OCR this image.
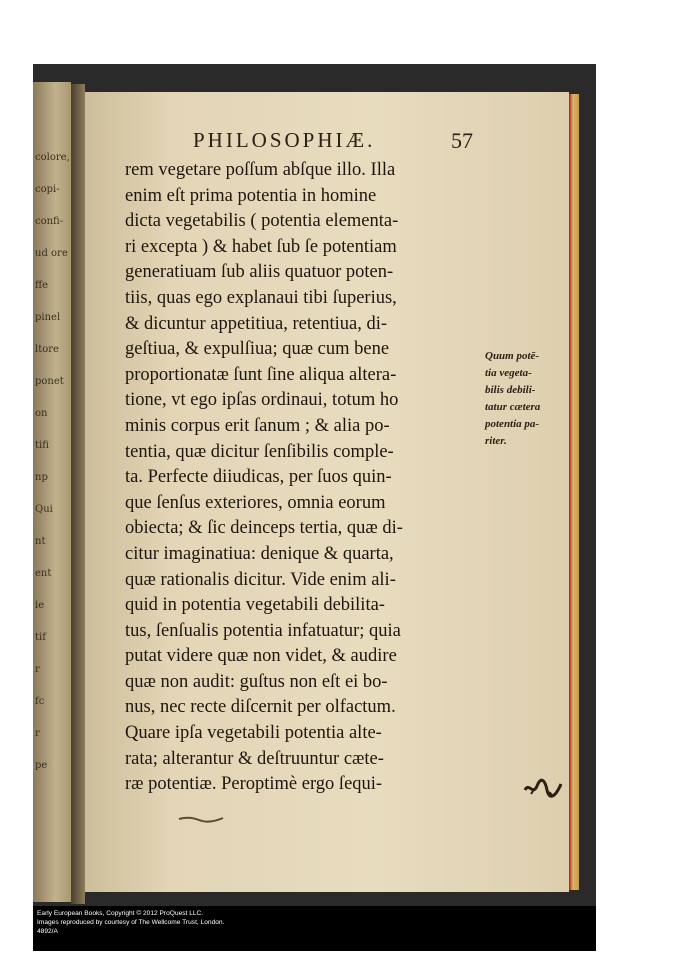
colore,
copi-
confi-
ud ore
ffe
pinel
ltore
ponet
on
tifi
np
Qui
nt
ent
ie
tif
r
fc
r
pe
PHILOSOPHIÆ.	57
rem vegetare poſſum abſque illo. Illa
enim eſt prima potentia in homine
dicta vegetabilis ( potentia elementa-
ri excepta ) & habet ſub ſe potentiam
generatiuam ſub aliis quatuor poten-
tiis, quas ego explanaui tibi ſuperius,
& dicuntur appetitiua, retentiua, di-
geſtiua, & expulſiua; quæ cum bene
proportionatæ ſunt ſine aliqua altera-
tione, vt ego ipſas ordinaui, totum ho
minis corpus erit ſanum ; & alia po-
tentia, quæ dicitur ſenſibilis comple-
ta. Perfecte diiudicas, per ſuos quin-
que ſenſus exteriores, omnia eorum
obiecta; & ſic deinceps tertia, quæ di-
citur imaginatiua: denique & quarta,
quæ rationalis dicitur. Vide enim ali-
quid in potentia vegetabili debilita-
tus, ſenſualis potentia infatuatur; quia
putat videre quæ non videt, & audire
quæ non audit: guſtus non eſt ei bo-
nus, nec recte diſcernit per olfactum.
Quare ipſa vegetabili potentia alte-
rata; alterantur & deſtruuntur cæte-
ræ potentiæ. Peroptimè ergo ſequi-
Quum potē-
tia vegeta-
bilis debili-
tatur cætera
potentia pa-
riter.
Early European Books, Copyright © 2012 ProQuest LLC.
Images reproduced by courtesy of The Wellcome Trust, London.
4892/A
